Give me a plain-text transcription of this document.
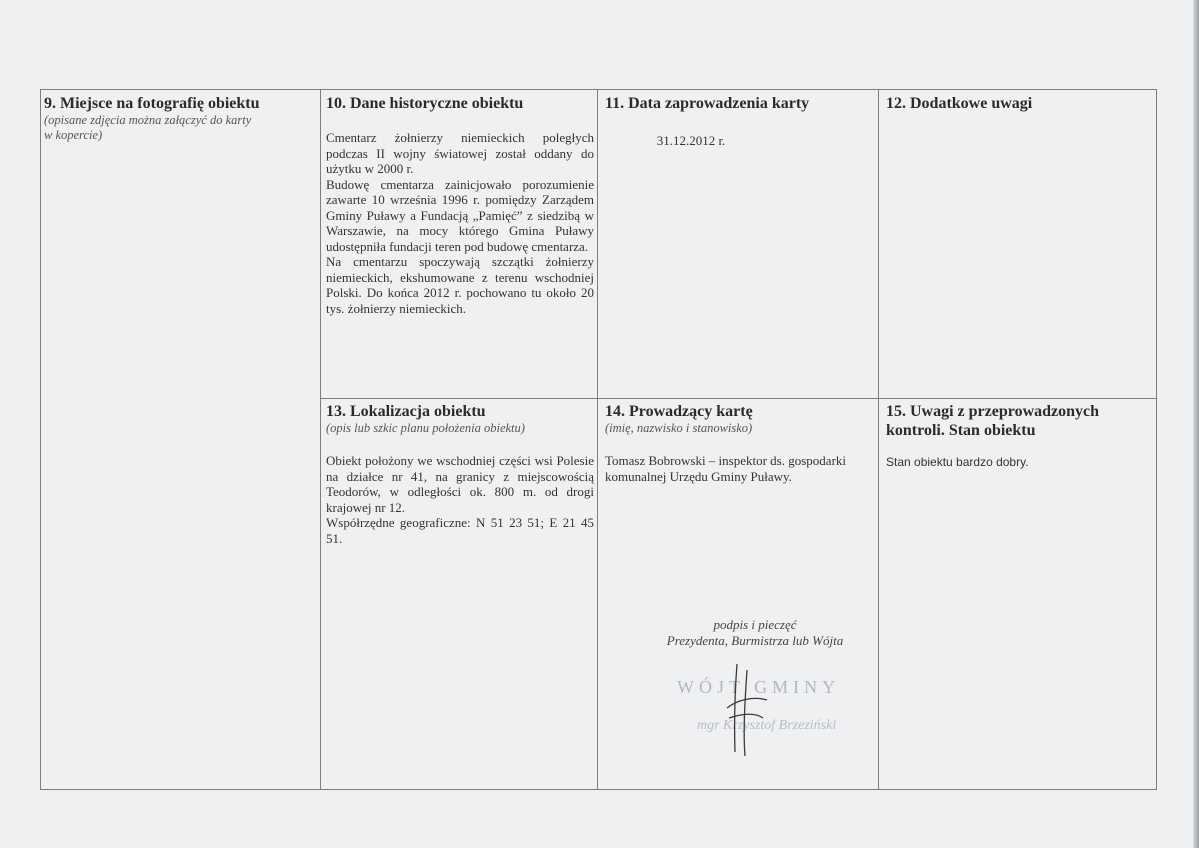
9. Miejsce na fotografię obiektu
(opisane zdjęcia można załączyć do karty
w kopercie)
10. Dane historyczne obiektu
Cmentarz żołnierzy niemieckich poległych podczas II wojny światowej został oddany do użytku w 2000 r.
Budowę cmentarza zainicjowało porozumienie zawarte 10 września 1996 r. pomiędzy Zarządem Gminy Puławy a Fundacją „Pamięć” z siedzibą w Warszawie, na mocy którego Gmina Puławy udostępniła fundacji teren pod budowę cmentarza.
Na cmentarzu spoczywają szczątki żołnierzy niemieckich, ekshumowane z terenu wschodniej Polski. Do końca 2012 r. pochowano tu około 20 tys. żołnierzy niemieckich.
11. Data zaprowadzenia karty
31.12.2012 r.
12. Dodatkowe uwagi
13. Lokalizacja obiektu
(opis lub szkic planu położenia obiektu)
Obiekt położony we wschodniej części wsi Polesie na działce nr 41, na granicy z miejscowością Teodorów, w odległości ok. 800 m. od drogi krajowej nr 12.
Współrzędne geograficzne: N 51 23 51; E 21 45 51.
14. Prowadzący kartę
(imię, nazwisko i stanowisko)
Tomasz Bobrowski – inspektor ds. gospodarki komunalnej Urzędu Gminy Puławy.
podpis i pieczęć
Prezydenta, Burmistrza lub Wójta
WÓJT GMINY
mgr Krzysztof Brzeziński
15. Uwagi z przeprowadzonych kontroli. Stan obiektu
Stan obiektu bardzo dobry.
